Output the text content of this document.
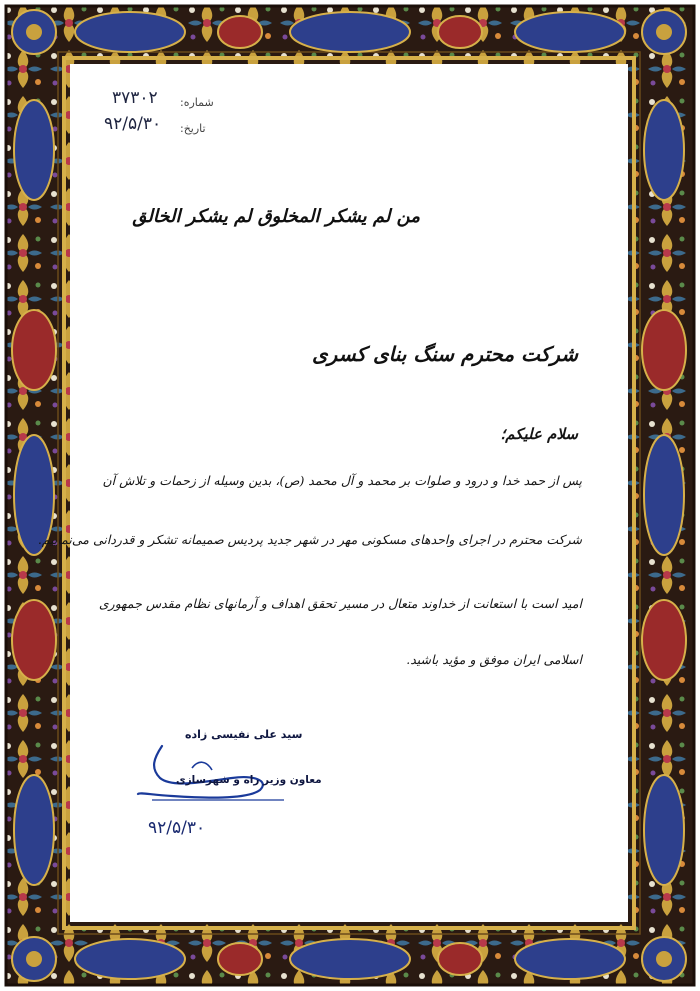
شماره:
۳۷۳۰۲
تاریخ:
۹۲/۵/۳۰
من لم یشکر المخلوق لم یشکر الخالق
شرکت محترم سنگ بنای کسری
سلام علیکم؛
پس از حمد خدا و درود و صلوات بر محمد و آل محمد (ص)، بدین وسیله از زحمات و تلاش آن
شرکت محترم در اجرای واحدهای مسکونی مهر در شهر جدید پردیس صمیمانه تشکر و قدردانی می‌نماییم.
امید است با استعانت از خداوند متعال در مسیر تحقق اهداف و آرمانهای نظام مقدس جمهوری
اسلامی ایران موفق و مؤید باشید.
سید علی نفیسی زاده
معاون وزیر راه و شهرسازی
۹۲/۵/۳۰
